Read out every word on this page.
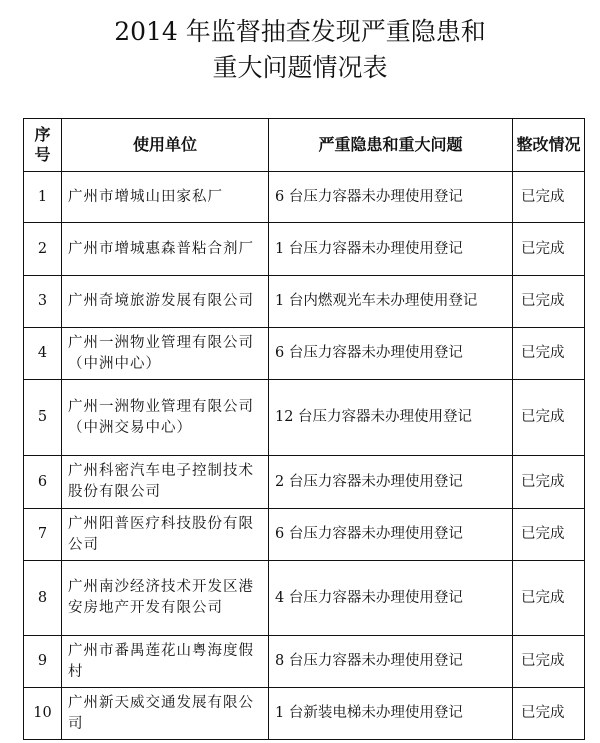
2014 年监督抽查发现严重隐患和
重大问题情况表
序号	使用单位	严重隐患和重大问题	整改情况
1	广州市增城山田家私厂	6 台压力容器未办理使用登记	已完成
2	广州市增城惠森普粘合剂厂	1 台压力容器未办理使用登记	已完成
3	广州奇境旅游发展有限公司	1 台内燃观光车未办理使用登记	已完成
4	广州一洲物业管理有限公司（中洲中心）	6 台压力容器未办理使用登记	已完成
5	广州一洲物业管理有限公司（中洲交易中心）	12 台压力容器未办理使用登记	已完成
6	广州科密汽车电子控制技术股份有限公司	2 台压力容器未办理使用登记	已完成
7	广州阳普医疗科技股份有限公司	6 台压力容器未办理使用登记	已完成
8	广州南沙经济技术开发区港安房地产开发有限公司	4 台压力容器未办理使用登记	已完成
9	广州市番禺莲花山粤海度假村	8 台压力容器未办理使用登记	已完成
10	广州新天威交通发展有限公司	1 台新装电梯未办理使用登记	已完成
